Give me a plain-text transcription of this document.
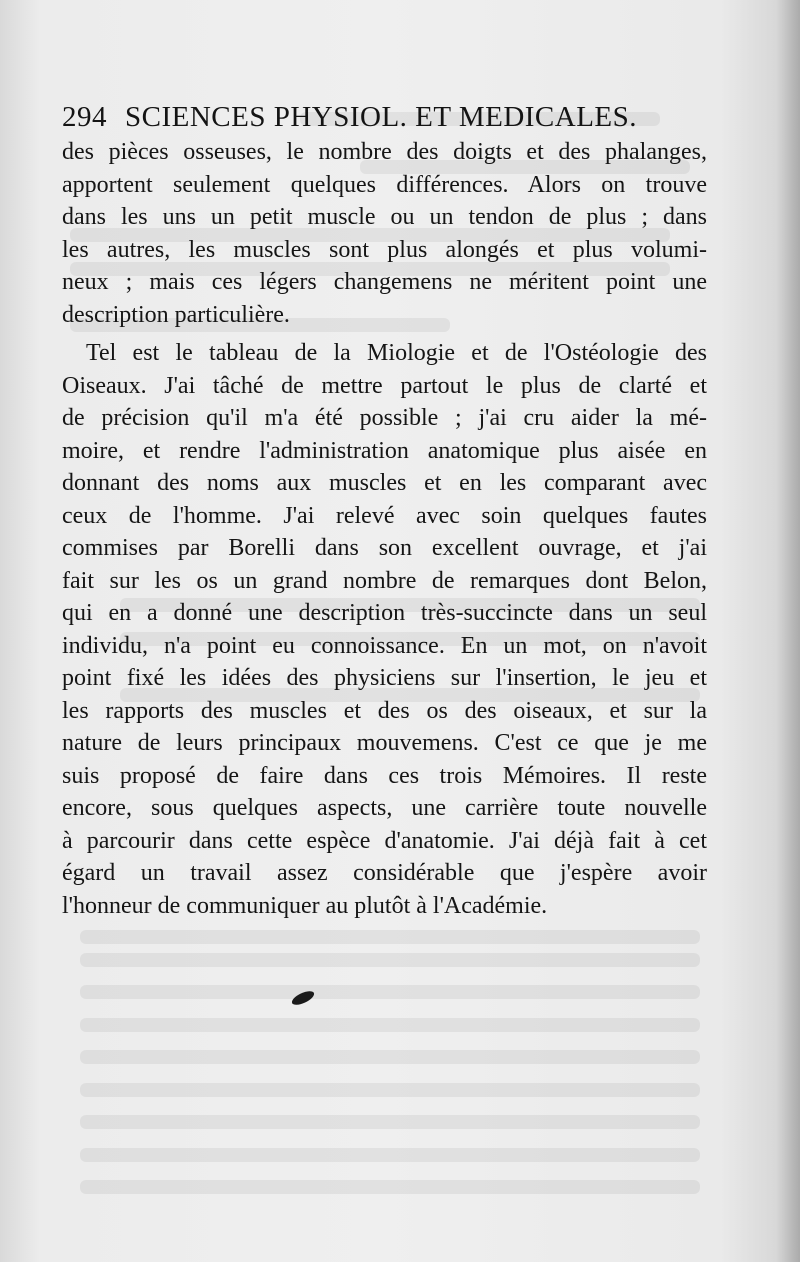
294 SCIENCES PHYSIOL. ET MEDICALES.
des pièces osseuses, le nombre des doigts et des phalanges,
apportent seulement quelques différences. Alors on trouve
dans les uns un petit muscle ou un tendon de plus ; dans
les autres, les muscles sont plus alongés et plus volumi-
neux ; mais ces légers changemens ne méritent point une
description particulière.
Tel est le tableau de la Miologie et de l'Ostéologie des
Oiseaux. J'ai tâché de mettre partout le plus de clarté et
de précision qu'il m'a été possible ; j'ai cru aider la mé-
moire, et rendre l'administration anatomique plus aisée en
donnant des noms aux muscles et en les comparant avec
ceux de l'homme. J'ai relevé avec soin quelques fautes
commises par Borelli dans son excellent ouvrage, et j'ai
fait sur les os un grand nombre de remarques dont Belon,
qui en a donné une description très-succincte dans un seul
individu, n'a point eu connoissance. En un mot, on n'avoit
point fixé les idées des physiciens sur l'insertion, le jeu et
les rapports des muscles et des os des oiseaux, et sur la
nature de leurs principaux mouvemens. C'est ce que je me
suis proposé de faire dans ces trois Mémoires. Il reste
encore, sous quelques aspects, une carrière toute nouvelle
à parcourir dans cette espèce d'anatomie. J'ai déjà fait à cet
égard un travail assez considérable que j'espère avoir
l'honneur de communiquer au plutôt à l'Académie.
